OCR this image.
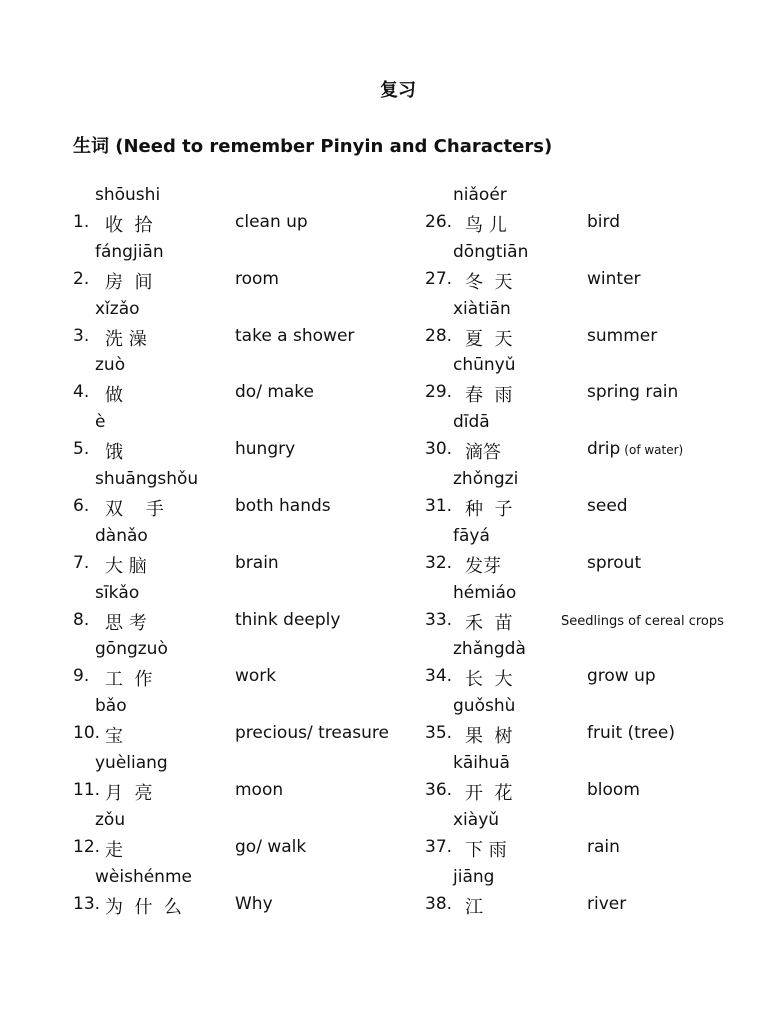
复习
生词 (Need to remember Pinyin and Characters)
shōushi
1. 收  拾	clean up
fángjiān
2. 房  间	room
xǐzǎo
3. 洗 澡	take a shower
zuò
4. 做	do/ make
è
5. 饿	hungry
shuāngshǒu
6. 双    手	both hands
dànǎo
7. 大 脑	brain
sīkǎo
8. 思 考	think deeply
gōngzuò
9. 工  作	work
bǎo
10. 宝	precious/ treasure
yuèliang
11. 月  亮	moon
zǒu
12. 走	go/ walk
wèishénme
13. 为  什  么	Why
niǎoér
26. 鸟 儿	bird
dōngtiān
27. 冬  天	winter
xiàtiān
28. 夏  天	summer
chūnyǔ
29. 春  雨	spring rain
dīdā
30. 滴答	drip (of water)
zhǒngzi
31. 种  子	seed
fāyá
32. 发芽	sprout
hémiáo
33. 禾  苗	Seedlings of cereal crops
zhǎngdà
34. 长  大	grow up
guǒshù
35. 果  树	fruit (tree)
kāihuā
36. 开  花	bloom
xiàyǔ
37. 下 雨	rain
jiāng
38. 江	river
